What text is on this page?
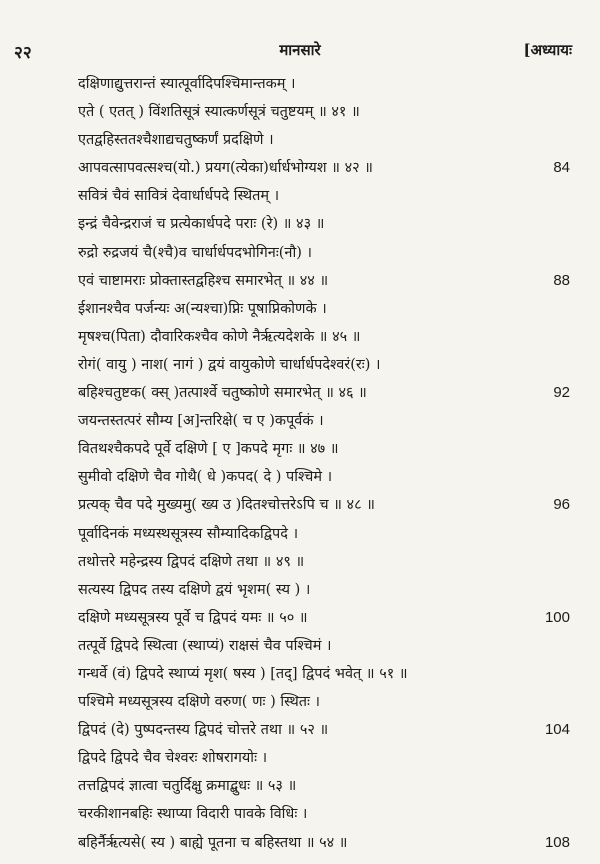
२२	मानसारे	[अध्यायः
दक्षिणाद्युत्तरान्तं स्यात्पूर्वादिपश्चिमान्तकम् ।
एते ( एतत् ) विंशतिसूत्रं स्यात्कर्णसूत्रं चतुष्टयम् ॥ ४१ ॥
एतद्वहिस्ततश्चैशाद्यचतुष्कर्णं प्रदक्षिणे ।
आपवत्सापवत्सश्च(यो.) प्रयग(त्येका)र्धार्धभोग्यश ॥ ४२ ॥	84
सवित्रं चैवं सावित्रं देवार्धार्धपदे स्थितम् ।
इन्द्रं चैवेन्द्रराजं च प्रत्येकार्धपदे पराः (रे) ॥ ४३ ॥
रुद्रो रुद्रजयं चै(श्चै)व चार्धार्धपदभोगिनः(नौ) ।
एवं चाष्टामराः प्रोक्तास्तद्वहिश्च समारभेत् ॥ ४४ ॥	88
ईशानश्चैव पर्जन्यः अ(न्यश्चा)प्निः पूषाप्निकोणके ।
मृषश्च(पिता) दौवारिकश्चैव कोणे नैर्ऋत्यदेशके ॥ ४५ ॥
रोगं( वायु ) नाश( नागं ) द्वयं वायुकोणे चार्धार्धपदेश्वरं(रः) ।
बहिश्चतुष्टक( क्स् )तत्पार्श्वे चतुष्कोणे समारभेत् ॥ ४६ ॥	92
जयन्तस्तत्परं सौम्य [अ]न्तरिक्षे( च ए )कपूर्वकं ।
वितथश्चैकपदे पूर्वे दक्षिणे [ ए ]कपदे मृगः ॥ ४७ ॥
सुमीवो दक्षिणे चैव गोथै( धे )कपद( दे ) पश्चिमे ।
प्रत्यक् चैव पदे मुख्यमु( ख्य उ )दितश्चोत्तरेऽपि च ॥ ४८ ॥	96
पूर्वादिनकं मध्यस्थसूत्रस्य सौम्यादिकद्विपदे ।
तथोत्तरे महेन्द्रस्य द्विपदं दक्षिणे तथा ॥ ४९ ॥
सत्यस्य द्विपद तस्य दक्षिणे द्वयं भृशम( स्य ) ।
दक्षिणे मध्यसूत्रस्य पूर्वे च द्विपदं यमः ॥ ५० ॥	100
तत्पूर्वे द्विपदे स्थित्वा (स्थाप्यं) राक्षसं चैव पश्चिमं ।
गन्धर्वे (वं) द्विपदे स्थाप्यं मृश( षस्य ) [तद्] द्विपदं भवेत् ॥ ५१ ॥
पश्चिमे मध्यसूत्रस्य दक्षिणे वरुण( णः ) स्थितः ।
द्विपदं (दे) पुष्पदन्तस्य द्विपदं चोत्तरे तथा ॥ ५२ ॥	104
द्विपदे द्विपदे चैव चेश्वरः शोषरागयोः ।
तत्तद्विपदं ज्ञात्वा चतुर्दिक्षु क्रमाद्बुधः ॥ ५३ ॥
चरकीशानबहिः स्थाप्या विदारी पावके विधिः ।
बहिर्नैर्ऋत्यसे( स्य ) बाह्ये पूतना च बहिस्तथा ॥ ५४ ॥	108
